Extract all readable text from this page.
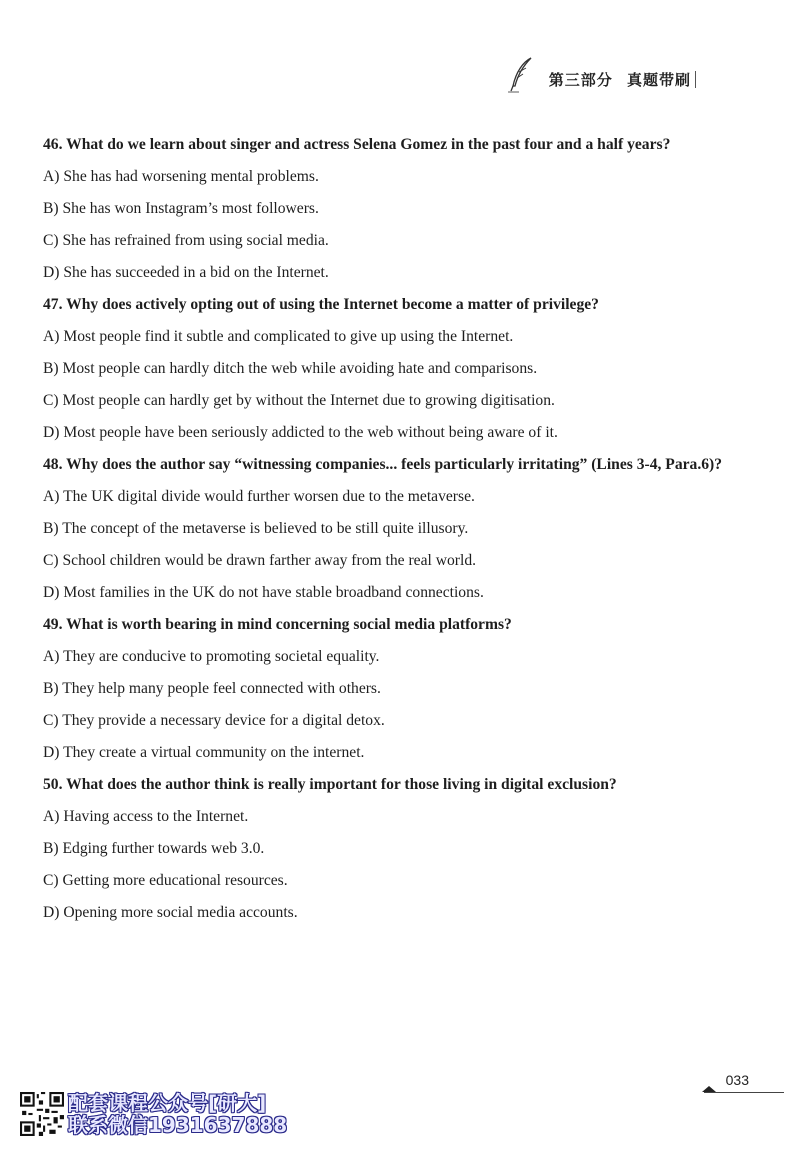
第三部分 真题带刷

46. What do we learn about singer and actress Selena Gomez in the past four and a half years?

A) She has had worsening mental problems.

B) She has won Instagram’s most followers.

C) She has refrained from using social media.

D) She has succeeded in a bid on the Internet.

47. Why does actively opting out of using the Internet become a matter of privilege?

A) Most people find it subtle and complicated to give up using the Internet.

B) Most people can hardly ditch the web while avoiding hate and comparisons.

C) Most people can hardly get by without the Internet due to growing digitisation.

D) Most people have been seriously addicted to the web without being aware of it.

48. Why does the author say “witnessing companies... feels particularly irritating” (Lines 3-4, Para.6)?

A) The UK digital divide would further worsen due to the metaverse.

B) The concept of the metaverse is believed to be still quite illusory.

C) School children would be drawn farther away from the real world.

D) Most families in the UK do not have stable broadband connections.

49. What is worth bearing in mind concerning social media platforms?

A) They are conducive to promoting societal equality.

B) They help many people feel connected with others.

C) They provide a necessary device for a digital detox.

D) They create a virtual community on the internet.

50. What does the author think is really important for those living in digital exclusion?

A) Having access to the Internet.

B) Edging further towards web 3.0.

C) Getting more educational resources.

D) Opening more social media accounts.

033
配套课程公众号[研大]
联系微信1931637888
